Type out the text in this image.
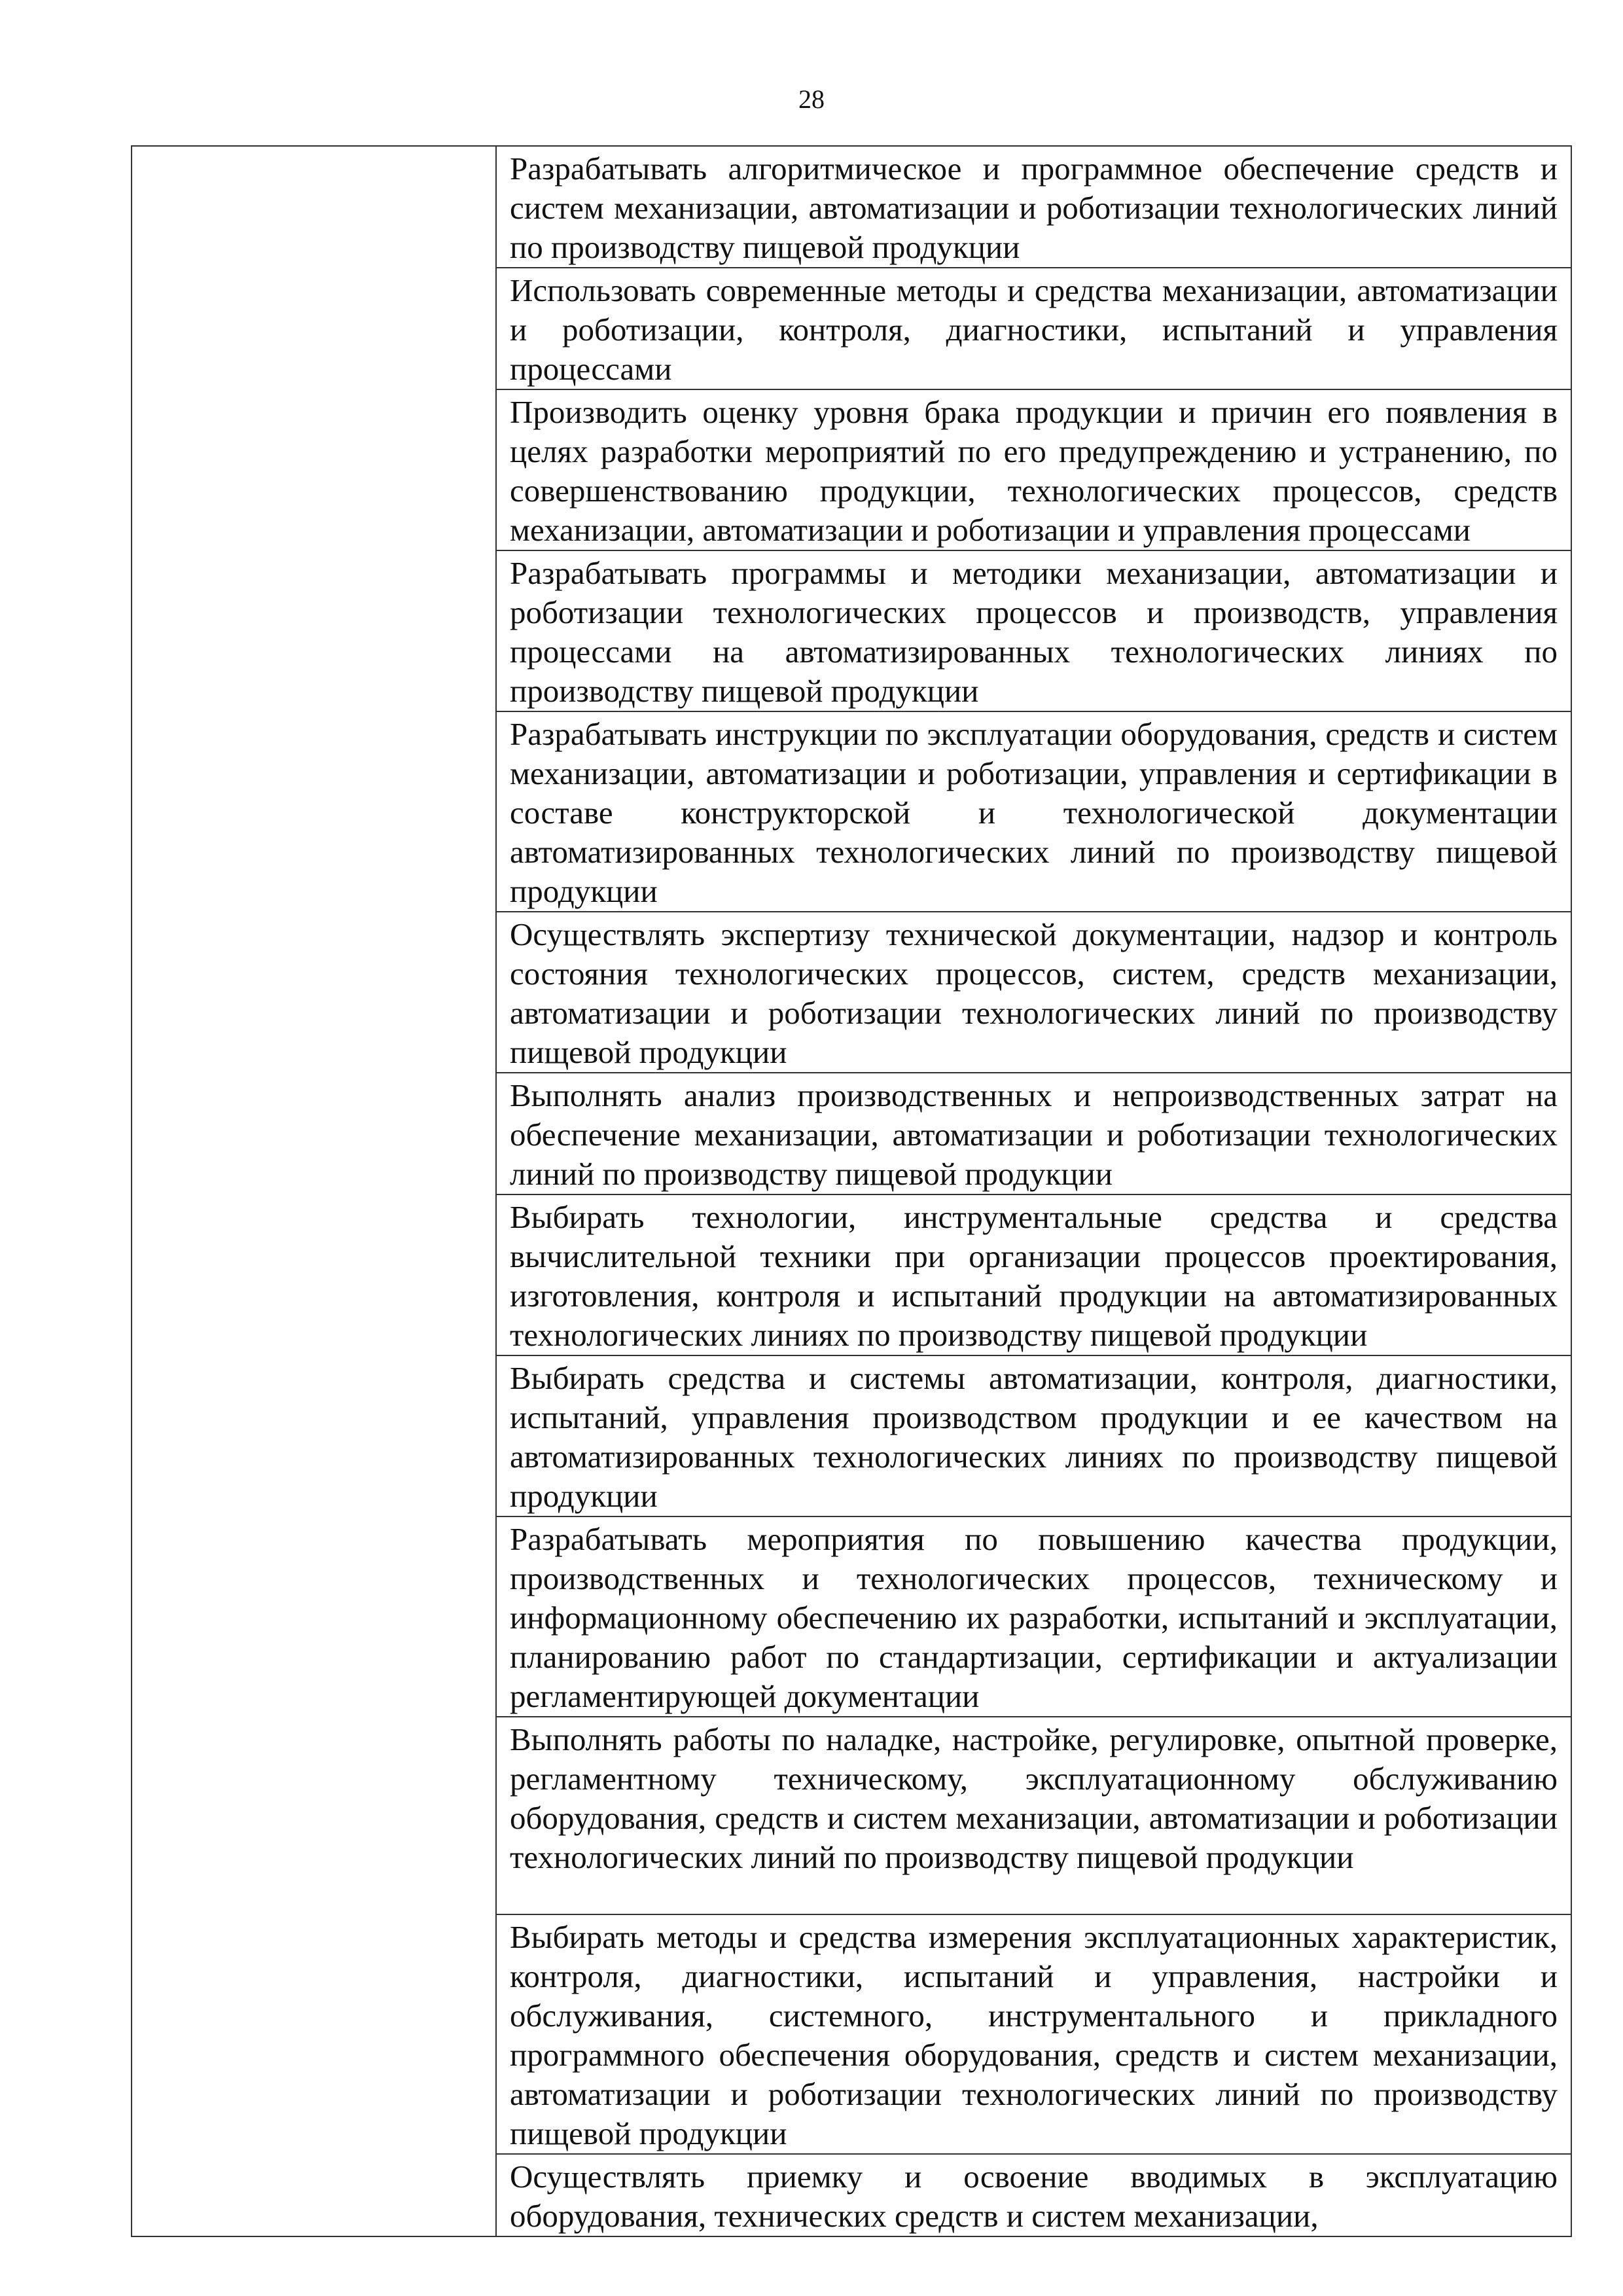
28

Разрабатывать алгоритмическое и программное обеспечение средств и систем механизации, автоматизации и роботизации технологических линий по производству пищевой продукции

Использовать современные методы и средства механизации, автоматизации и роботизации, контроля, диагностики, испытаний и управления процессами

Производить оценку уровня брака продукции и причин его появления в целях разработки мероприятий по его предупреждению и устранению, по совершенствованию продукции, технологических процессов, средств механизации, автоматизации и роботизации и управления процессами

Разрабатывать программы и методики механизации, автоматизации и роботизации технологических процессов и производств, управления процессами на автоматизированных технологических линиях по производству пищевой продукции

Разрабатывать инструкции по эксплуатации оборудования, средств и систем механизации, автоматизации и роботизации, управления и сертификации в составе конструкторской и технологической документации автоматизированных технологических линий по производству пищевой продукции

Осуществлять экспертизу технической документации, надзор и контроль состояния технологических процессов, систем, средств механизации, автоматизации и роботизации технологических линий по производству пищевой продукции

Выполнять анализ производственных и непроизводственных затрат на обеспечение механизации, автоматизации и роботизации технологических линий по производству пищевой продукции

Выбирать технологии, инструментальные средства и средства вычислительной техники при организации процессов проектирования, изготовления, контроля и испытаний продукции на автоматизированных технологических линиях по производству пищевой продукции

Выбирать средства и системы автоматизации, контроля, диагностики, испытаний, управления производством продукции и ее качеством на автоматизированных технологических линиях по производству пищевой продукции

Разрабатывать мероприятия по повышению качества продукции, производственных и технологических процессов, техническому и информационному обеспечению их разработки, испытаний и эксплуатации, планированию работ по стандартизации, сертификации и актуализации регламентирующей документации

Выполнять работы по наладке, настройке, регулировке, опытной проверке, регламентному техническому, эксплуатационному обслуживанию оборудования, средств и систем механизации, автоматизации и роботизации технологических линий по производству пищевой продукции

Выбирать методы и средства измерения эксплуатационных характеристик, контроля, диагностики, испытаний и управления, настройки и обслуживания, системного, инструментального и прикладного программного обеспечения оборудования, средств и систем механизации, автоматизации и роботизации технологических линий по производству пищевой продукции

Осуществлять приемку и освоение вводимых в эксплуатацию оборудования, технических средств и систем механизации,
